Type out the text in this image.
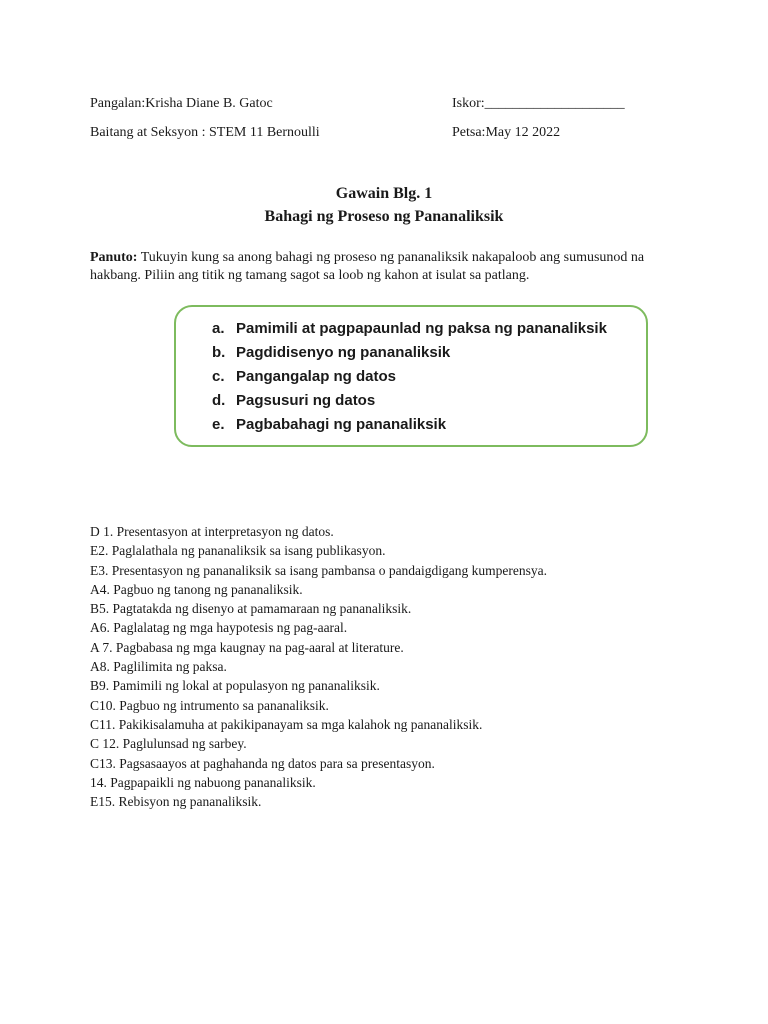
Pangalan:Krisha Diane B. Gatoc	Iskor:____________________
Baitang at Seksyon : STEM 11 Bernoulli	Petsa:May 12 2022
Gawain Blg. 1
Bahagi ng Proseso ng Pananaliksik
Panuto: Tukuyin kung sa anong bahagi ng proseso ng pananaliksik nakapaloob ang sumusunod na hakbang. Piliin ang titik ng tamang sagot sa loob ng kahon at isulat sa patlang.
a. Pamimili at pagpapaunlad ng paksa ng pananaliksik
b. Pagdidisenyo ng pananaliksik
c. Pangangalap ng datos
d. Pagsusuri ng datos
e. Pagbabahagi ng pananaliksik
D 1. Presentasyon at interpretasyon ng datos.
E2. Paglalathala ng pananaliksik sa isang publikasyon.
E3. Presentasyon ng pananaliksik sa isang pambansa o pandaigdigang kumperensya.
A4. Pagbuo ng tanong ng pananaliksik.
B5. Pagtatakda ng disenyo at pamamaraan ng pananaliksik.
A6. Paglalatag ng mga haypotesis ng pag-aaral.
A 7. Pagbabasa ng mga kaugnay na pag-aaral at literature.
A8. Paglilimita ng paksa.
B9. Pamimili ng lokal at populasyon ng pananaliksik.
C10. Pagbuo ng intrumento sa pananaliksik.
C11. Pakikisalamuha at pakikipanayam sa mga kalahok ng pananaliksik.
C 12. Paglulunsad ng sarbey.
C13. Pagsasaayos at paghahanda ng datos para sa presentasyon.
14. Pagpapaikli ng nabuong pananaliksik.
E15. Rebisyon ng pananaliksik.
